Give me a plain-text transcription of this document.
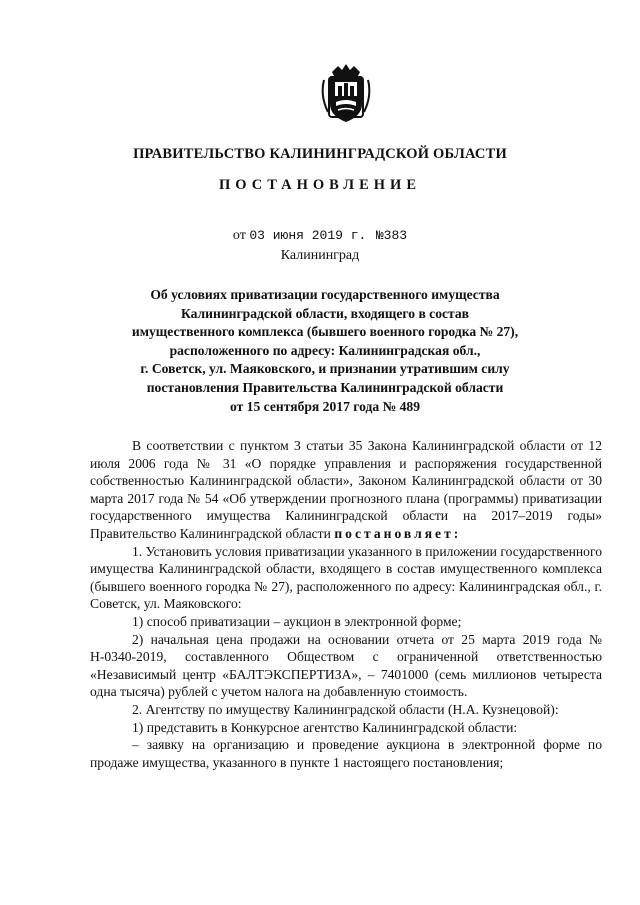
ПРАВИТЕЛЬСТВО КАЛИНИНГРАДСКОЙ ОБЛАСТИ
ПОСТАНОВЛЕНИЕ
от 03 июня 2019 г. №383
Калининград
Об условиях приватизации государственного имущества
Калининградской области, входящего в состав
имущественного комплекса (бывшего военного городка № 27),
расположенного по адресу: Калининградская обл.,
г. Советск, ул. Маяковского, и признании утратившим силу
постановления Правительства Калининградской области
от 15 сентября 2017 года № 489

В соответствии с пунктом 3 статьи 35 Закона Калининградской области от 12 июля 2006 года № 31 «О порядке управления и распоряжения государственной собственностью Калининградской области», Законом Калининградской области от 30 марта 2017 года № 54 «Об утверждении прогнозного плана (программы) приватизации государственного имущества Калининградской области на 2017–2019 годы» Правительство Калининградской области постановляет:

1. Установить условия приватизации указанного в приложении государственного имущества Калининградской области, входящего в состав имущественного комплекса (бывшего военного городка № 27), расположенного по адресу: Калининградская обл., г. Советск, ул. Маяковского:

1) способ приватизации – аукцион в электронной форме;

2) начальная цена продажи на основании отчета от 25 марта 2019 года № Н-0340-2019, составленного Обществом с ограниченной ответственностью «Независимый центр «БАЛТЭКСПЕРТИЗА», – 7401000 (семь миллионов четыреста одна тысяча) рублей с учетом налога на добавленную стоимость.

2. Агентству по имуществу Калининградской области (Н.А. Кузнецовой):

1) представить в Конкурсное агентство Калининградской области:

– заявку на организацию и проведение аукциона в электронной форме по продаже имущества, указанного в пункте 1 настоящего постановления;
